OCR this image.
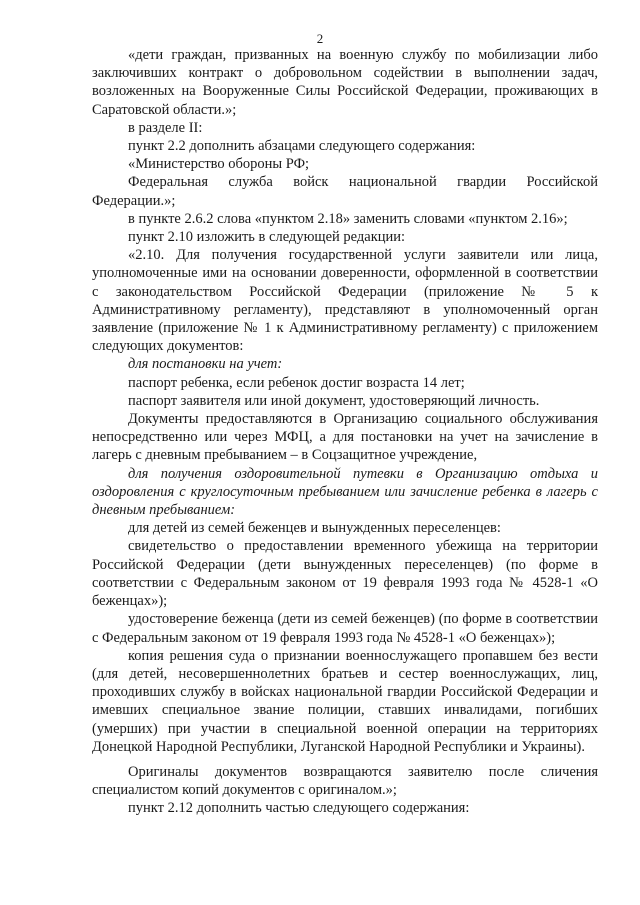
2

«дети граждан, призванных на военную службу по мобилизации либо заключивших контракт о добровольном содействии в выполнении задач, возложенных на Вооруженные Силы Российской Федерации, проживающих в Саратовской области.»;

в разделе II:

пункт 2.2 дополнить абзацами следующего содержания:

«Министерство обороны РФ;

Федеральная служба войск национальной гвардии Российской Федерации.»;

в пункте 2.6.2 слова «пунктом 2.18» заменить словами «пунктом 2.16»;

пункт 2.10 изложить в следующей редакции:

«2.10. Для получения государственной услуги заявители или лица, уполномоченные ими на основании доверенности, оформленной в соответствии с законодательством Российской Федерации (приложение № 5 к Административному регламенту), представляют в уполномоченный орган заявление (приложение № 1 к Административному регламенту) с приложением следующих документов:

для постановки на учет:

паспорт ребенка, если ребенок достиг возраста 14 лет;

паспорт заявителя или иной документ, удостоверяющий личность.

Документы предоставляются в Организацию социального обслуживания непосредственно или через МФЦ, а для постановки на учет на зачисление в лагерь с дневным пребыванием – в Соцзащитное учреждение,

для получения оздоровительной путевки в Организацию отдыха и оздоровления с круглосуточным пребыванием или зачисление ребенка в лагерь с дневным пребыванием:

для детей из семей беженцев и вынужденных переселенцев:

свидетельство о предоставлении временного убежища на территории Российской Федерации (дети вынужденных переселенцев) (по форме в соответствии с Федеральным законом от 19 февраля 1993 года № 4528-1 «О беженцах»);

удостоверение беженца (дети из семей беженцев) (по форме в соответствии с Федеральным законом от 19 февраля 1993 года № 4528-1 «О беженцах»);

копия решения суда о признании военнослужащего пропавшем без вести (для детей, несовершеннолетних братьев и сестер военнослужащих, лиц, проходивших службу в войсках национальной гвардии Российской Федерации и имевших специальное звание полиции, ставших инвалидами, погибших (умерших) при участии в специальной военной операции на территориях Донецкой Народной Республики, Луганской Народной Республики и Украины).

Оригиналы документов возвращаются заявителю после сличения специалистом копий документов с оригиналом.»;

пункт 2.12 дополнить частью следующего содержания:
